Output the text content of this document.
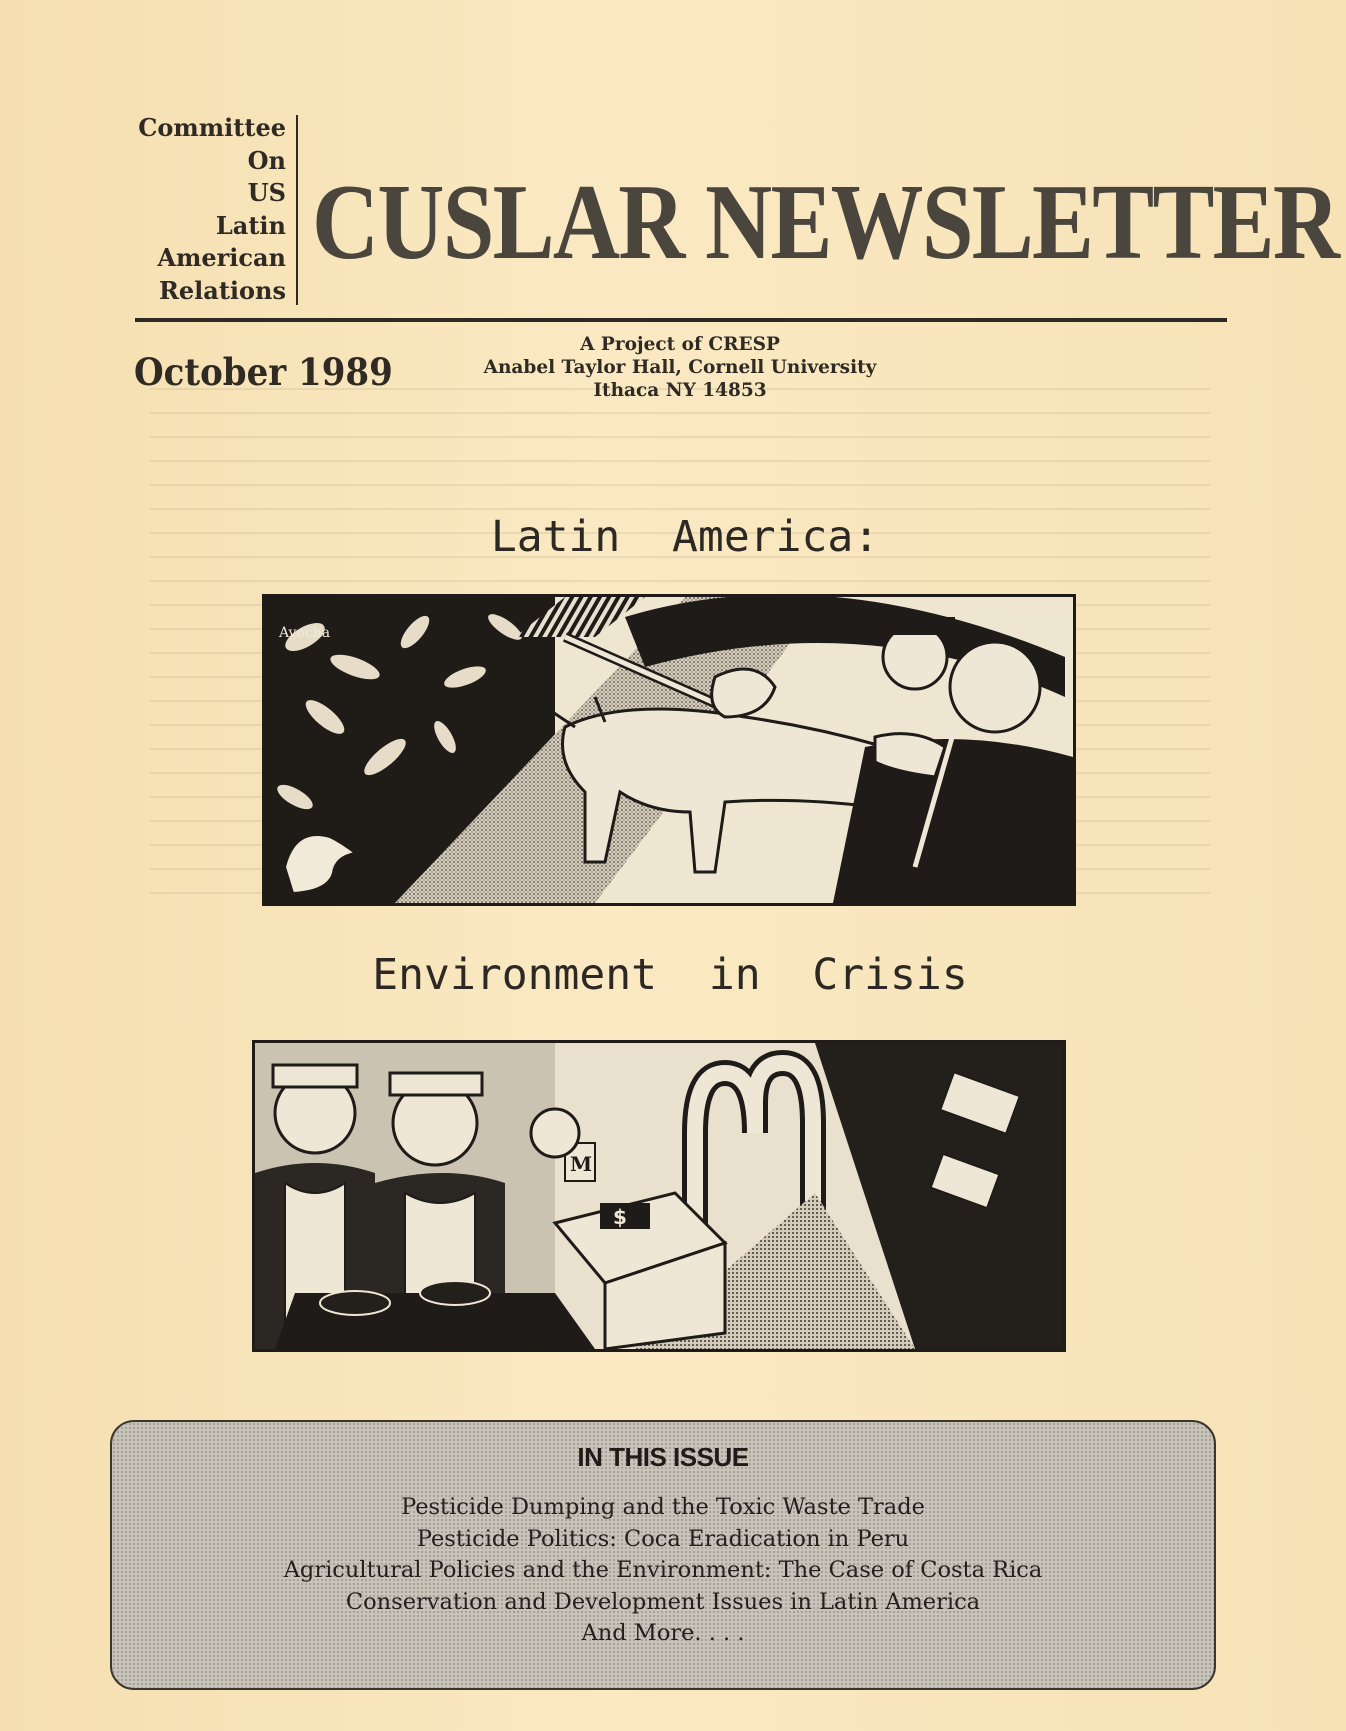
Committee
On
US
Latin
American
Relations
CUSLAR NEWSLETTER
October 1989
A Project of CRESP
Anabel Taylor Hall, Cornell University
Ithaca NY 14853
Latin  America:
Avocha
Environment  in  Crisis
$
M
IN THIS ISSUE
Pesticide Dumping and the Toxic Waste Trade
Pesticide Politics: Coca Eradication in Peru
Agricultural Policies and the Environment: The Case of Costa Rica
Conservation and Development Issues in Latin America
And More. . . .
